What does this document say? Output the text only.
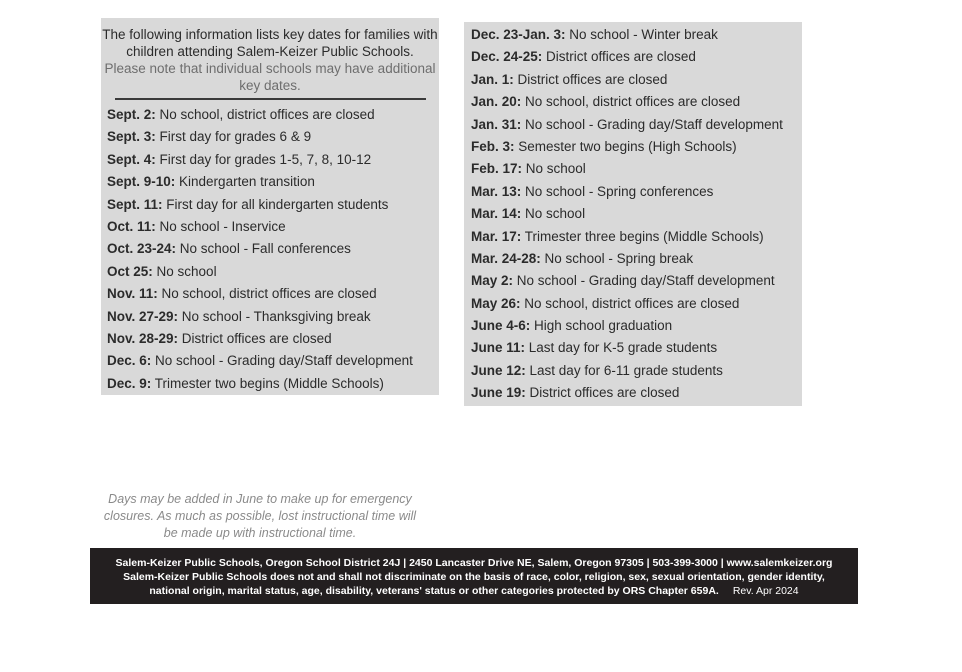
The following information lists key dates for families with children attending Salem-Keizer Public Schools.
Please note that individual schools may have additional key dates.
Sept. 2: No school, district offices are closed
Sept. 3: First day for grades 6 & 9
Sept. 4: First day for grades 1-5, 7, 8, 10-12
Sept. 9-10: Kindergarten transition
Sept. 11: First day for all kindergarten students
Oct. 11: No school - Inservice
Oct. 23-24: No school - Fall conferences
Oct 25: No school
Nov. 11: No school, district offices are closed
Nov. 27-29: No school - Thanksgiving break
Nov. 28-29: District offices are closed
Dec. 6: No school - Grading day/Staff development
Dec. 9: Trimester two begins (Middle Schools)
Dec. 23-Jan. 3: No school - Winter break
Dec. 24-25: District offices are closed
Jan. 1: District offices are closed
Jan. 20: No school, district offices are closed
Jan. 31: No school - Grading day/Staff development
Feb. 3: Semester two begins (High Schools)
Feb. 17: No school
Mar. 13: No school - Spring conferences
Mar. 14: No school
Mar. 17: Trimester three begins (Middle Schools)
Mar. 24-28: No school - Spring break
May 2: No school - Grading day/Staff development
May 26: No school, district offices are closed
June 4-6: High school graduation
June 11: Last day for K-5 grade students
June 12: Last day for 6-11 grade students
June 19: District offices are closed
Days may be added in June to make up for emergency closures. As much as possible, lost instructional time will be made up with instructional time.
Salem-Keizer Public Schools, Oregon School District 24J | 2450 Lancaster Drive NE, Salem, Oregon 97305 | 503-399-3000 | www.salemkeizer.org
Salem-Keizer Public Schools does not and shall not discriminate on the basis of race, color, religion, sex, sexual orientation, gender identity,
national origin, marital status, age, disability, veterans' status or other categories protected by ORS Chapter 659A. Rev. Apr 2024
